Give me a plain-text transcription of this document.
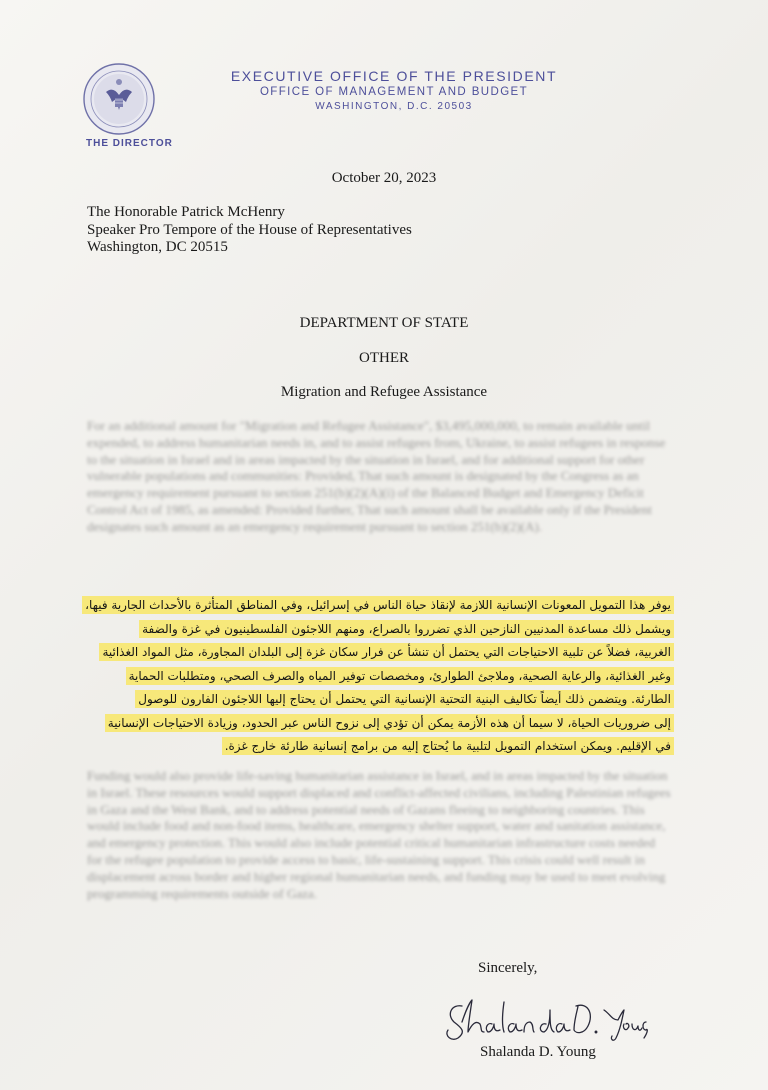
THE DIRECTOR
EXECUTIVE OFFICE OF THE PRESIDENT
OFFICE OF MANAGEMENT AND BUDGET
WASHINGTON, D.C. 20503
October 20, 2023
The Honorable Patrick McHenry
Speaker Pro Tempore of the House of Representatives
Washington, DC 20515
DEPARTMENT OF STATE
OTHER
Migration and Refugee Assistance
For an additional amount for "Migration and Refugee Assistance", $3,495,000,000, to remain available until expended, to address humanitarian needs in, and to assist refugees from, Ukraine, to assist refugees in response to the situation in Israel and in areas impacted by the situation in Israel, and for additional support for other vulnerable populations and communities: Provided, That such amount is designated by the Congress as an emergency requirement pursuant to section 251(b)(2)(A)(i) of the Balanced Budget and Emergency Deficit Control Act of 1985, as amended: Provided further, That such amount shall be available only if the President designates such amount as an emergency requirement pursuant to section 251(b)(2)(A).
يوفر هذا التمويل المعونات الإنسانية اللازمة لإنقاذ حياة الناس في إسرائيل، وفي المناطق المتأثرة بالأحداث الجارية فيها،
ويشمل ذلك مساعدة المدنيين النازحين الذي تضرروا بالصراع، ومنهم اللاجئون الفلسطينيون في غزة والضفة
الغربية، فضلاً عن تلبية الاحتياجات التي يحتمل أن تنشأ عن فرار سكان غزة إلى البلدان المجاورة، مثل المواد الغذائية
وغير الغذائية، والرعاية الصحية، وملاجئ الطوارئ، ومخصصات توفير المياه والصرف الصحي، ومتطلبات الحماية
الطارئة. ويتضمن ذلك أيضاً تكاليف البنية التحتية الإنسانية التي يحتمل أن يحتاج إليها اللاجئون الفارون للوصول
إلى ضروريات الحياة، لا سيما أن هذه الأزمة يمكن أن تؤدي إلى نزوح الناس عبر الحدود، وزيادة الاحتياجات الإنسانية
في الإقليم. ويمكن استخدام التمويل لتلبية ما يُحتاج إليه من برامج إنسانية طارئة خارج غزة.
Funding would also provide life-saving humanitarian assistance in Israel, and in areas impacted by the situation in Israel. These resources would support displaced and conflict-affected civilians, including Palestinian refugees in Gaza and the West Bank, and to address potential needs of Gazans fleeing to neighboring countries. This would include food and non-food items, healthcare, emergency shelter support, water and sanitation assistance, and emergency protection. This would also include potential critical humanitarian infrastructure costs needed for the refugee population to provide access to basic, life-sustaining support. This crisis could well result in displacement across border and higher regional humanitarian needs, and funding may be used to meet evolving programming requirements outside of Gaza.
Sincerely,
Shalanda D. Young
